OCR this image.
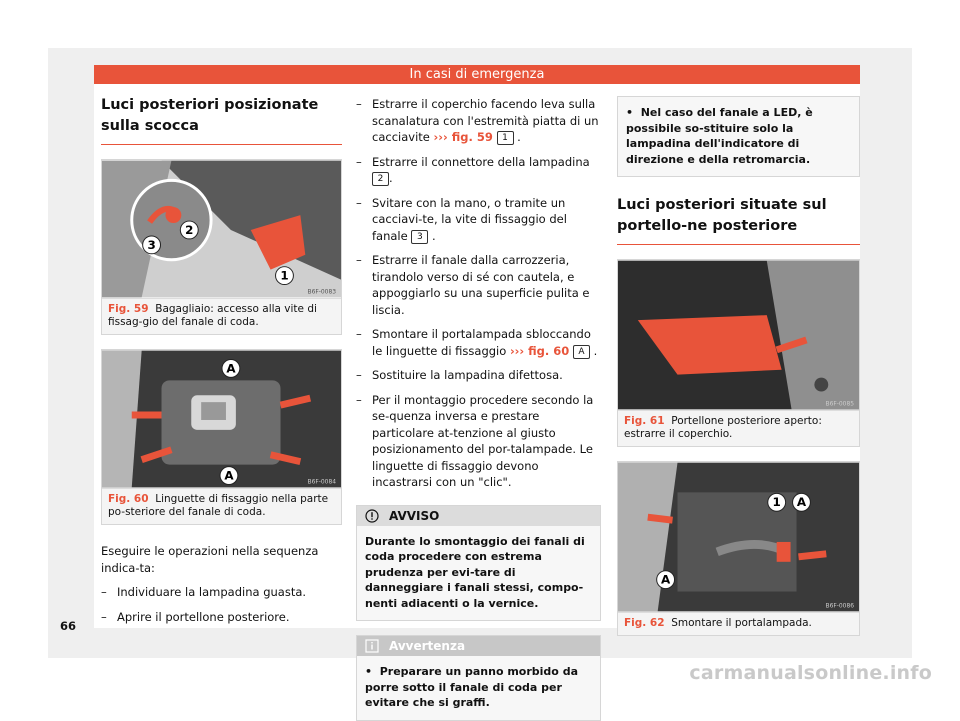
In casi di emergenza
Luci posteriori posizionate sulla scocca
2
3
1
B6F-0083
Fig. 59 Bagagliaio: accesso alla vite di fissag-gio del fanale di coda.
A
A	B6F-0084
Fig. 60 Linguette di fissaggio nella parte po-steriore del fanale di coda.
Eseguire le operazioni nella sequenza indica-ta:
– Individuare la lampadina guasta.
– Aprire il portellone posteriore.
– Estrarre il coperchio facendo leva sulla scanalatura con l'estremità piatta di un cacciavite ››› fig. 59 1 .
– Estrarre il connettore della lampadina 2 .
– Svitare con la mano, o tramite un cacciavi-te, la vite di fissaggio del fanale 3 .
– Estrarre il fanale dalla carrozzeria, tirandolo verso di sé con cautela, e appoggiarlo su una superficie pulita e liscia.
– Smontare il portalampada sbloccando le linguette di fissaggio ››› fig. 60 A .
– Sostituire la lampadina difettosa.
– Per il montaggio procedere secondo la se-quenza inversa e prestare particolare at-tenzione al giusto posizionamento del por-talampade. Le linguette di fissaggio devono incastrarsi con un "clic".
AVVISO
Durante lo smontaggio dei fanali di coda procedere con estrema prudenza per evi-tare di danneggiare i fanali stessi, compo-nenti adiacenti o la vernice.
Avvertenza
•  Preparare un panno morbido da porre sotto il fanale di coda per evitare che si graffi.
•  Nel caso del fanale a LED, è possibile so-stituire solo la lampadina dell'indicatore di direzione e della retromarcia.
Luci posteriori situate sul portello-ne posteriore
B6F-0085
Fig. 61 Portellone posteriore aperto: estrarre il coperchio.
1 A
A
B6F-0086
Fig. 62 Smontare il portalampada.
66
carmanualsonline.info
